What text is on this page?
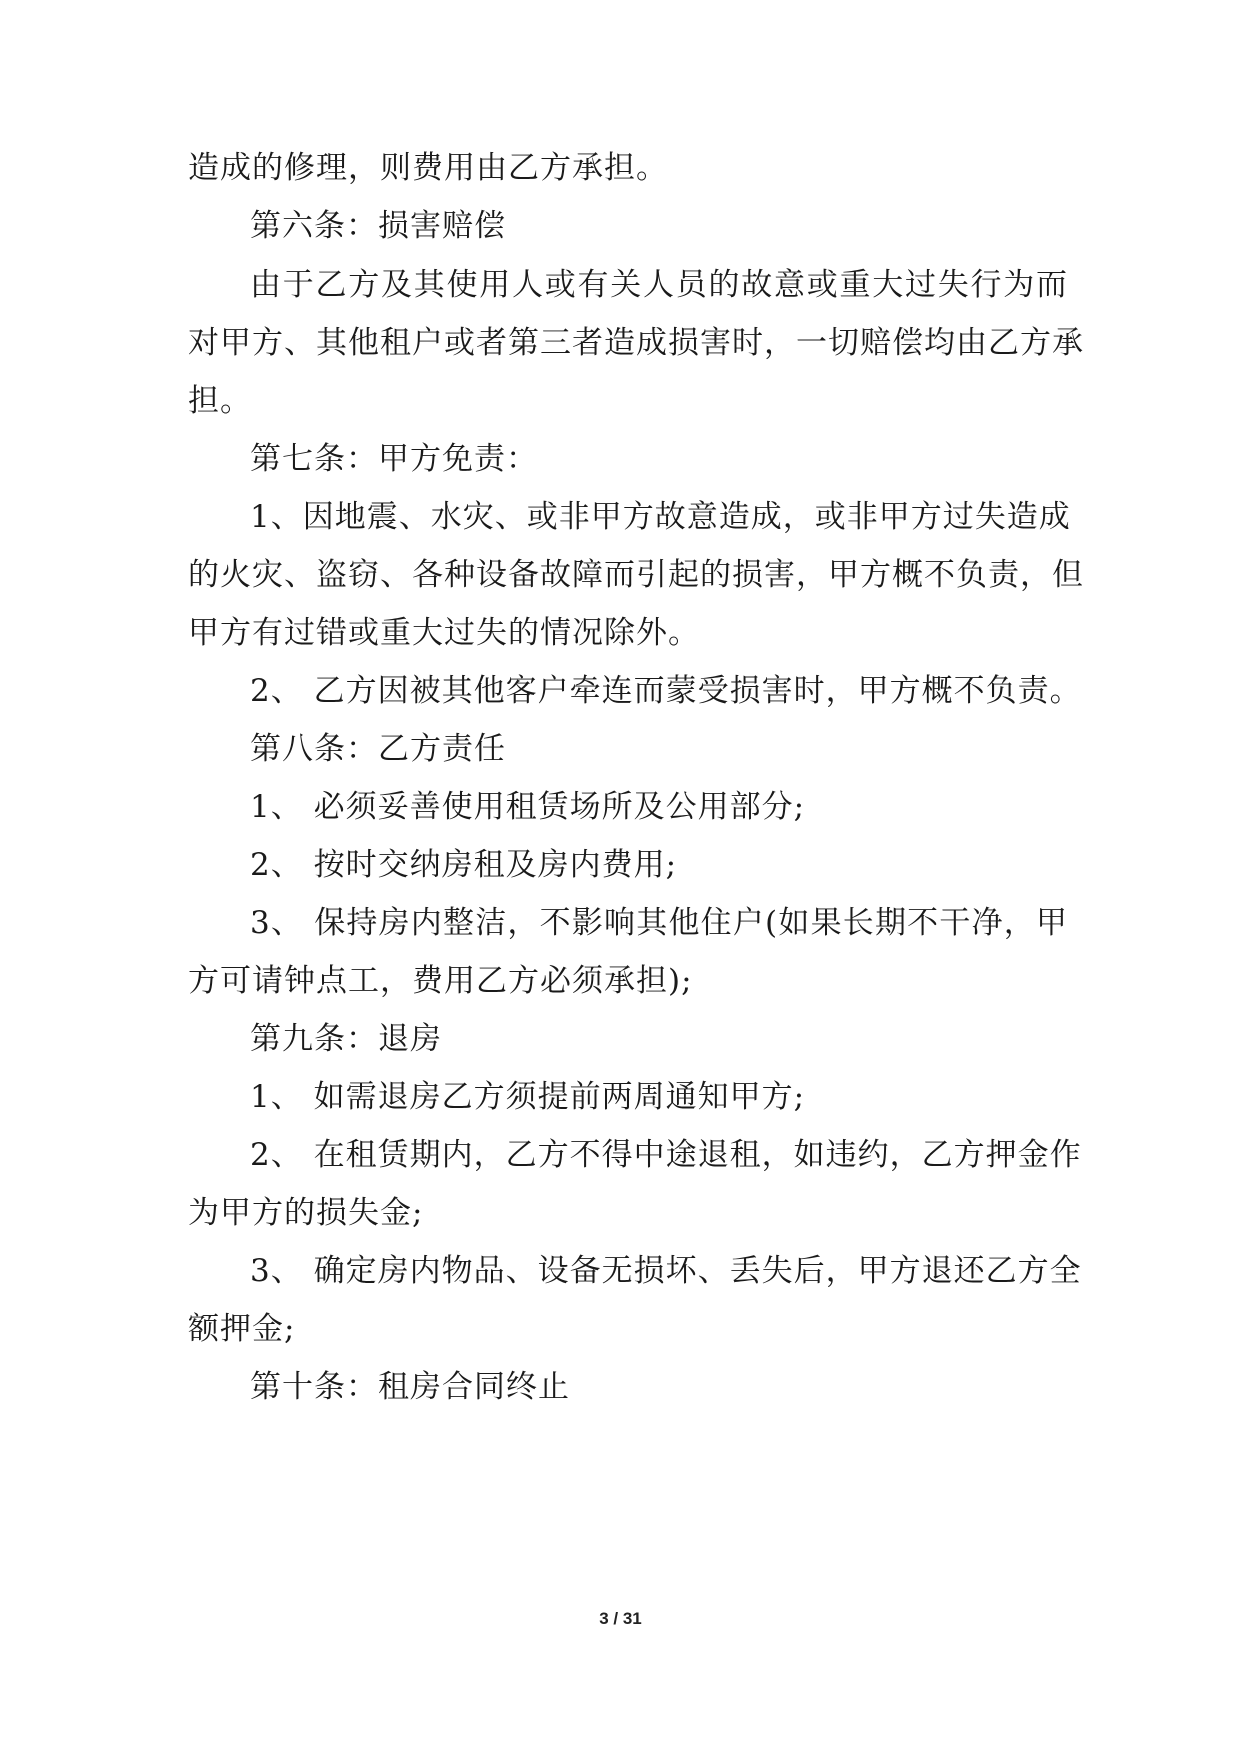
造成的修理，则费用由乙方承担。
第六条：损害赔偿
由于乙方及其使用人或有关人员的故意或重大过失行为而
对甲方、其他租户或者第三者造成损害时，一切赔偿均由乙方承
担。
第七条：甲方免责：
1、因地震、水灾、或非甲方故意造成，或非甲方过失造成
的火灾、盗窃、各种设备故障而引起的损害，甲方概不负责，但
甲方有过错或重大过失的情况除外。
2、 乙方因被其他客户牵连而蒙受损害时，甲方概不负责。
第八条：乙方责任
1、 必须妥善使用租赁场所及公用部分;
2、 按时交纳房租及房内费用;
3、 保持房内整洁，不影响其他住户(如果长期不干净，甲
方可请钟点工，费用乙方必须承担);
第九条：退房
1、 如需退房乙方须提前两周通知甲方;
2、 在租赁期内，乙方不得中途退租，如违约，乙方押金作
为甲方的损失金;
3、 确定房内物品、设备无损坏、丢失后，甲方退还乙方全
额押金;
第十条：租房合同终止
3 / 31
